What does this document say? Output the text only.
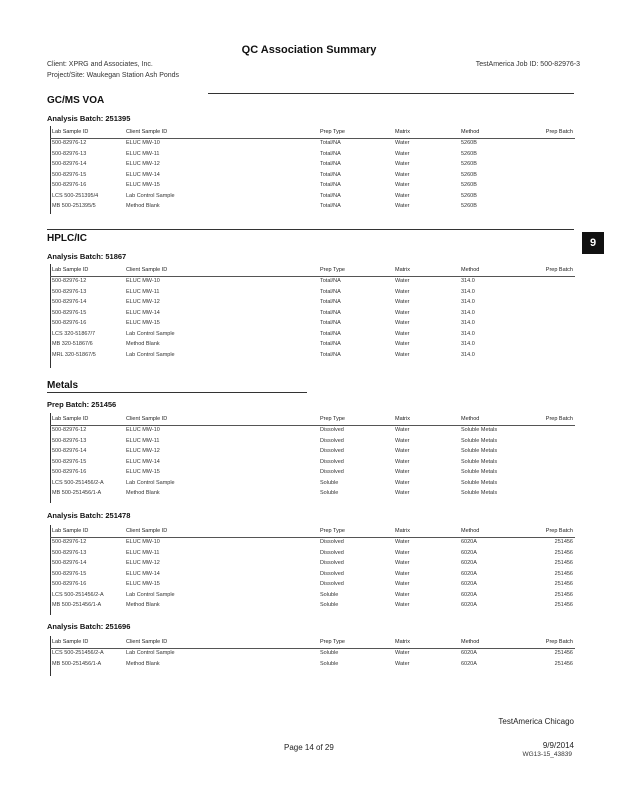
QC Association Summary
Client: XPRG and Associates, Inc.	TestAmerica Job ID: 500-82976-3
Project/Site: Waukegan Station Ash Ponds
GC/MS VOA
Analysis Batch: 251395
Lab Sample ID	Client Sample ID	Prep Type	Matrix	Method	Prep Batch
500-82976-12	ELUC MW-10	Total/NA	Water	5260B
500-82976-13	ELUC MW-11	Total/NA	Water	5260B
500-82976-14	ELUC MW-12	Total/NA	Water	5260B
500-82976-15	ELUC MW-14	Total/NA	Water	5260B
500-82976-16	ELUC MW-15	Total/NA	Water	5260B
LCS 500-251395/4	Lab Control Sample	Total/NA	Water	5260B
MB 500-251395/5	Method Blank	Total/NA	Water	5260B
9
HPLC/IC
Analysis Batch: 51867
Lab Sample ID	Client Sample ID	Prep Type	Matrix	Method	Prep Batch
500-82976-12	ELUC MW-10	Total/NA	Water	314.0
500-82976-13	ELUC MW-11	Total/NA	Water	314.0
500-82976-14	ELUC MW-12	Total/NA	Water	314.0
500-82976-15	ELUC MW-14	Total/NA	Water	314.0
500-82976-16	ELUC MW-15	Total/NA	Water	314.0
LCS 320-51867/7	Lab Control Sample	Total/NA	Water	314.0
MB 320-51867/6	Method Blank	Total/NA	Water	314.0
MRL 320-51867/5	Lab Control Sample	Total/NA	Water	314.0
Metals
Prep Batch: 251456
Lab Sample ID	Client Sample ID	Prep Type	Matrix	Method	Prep Batch
500-82976-12	ELUC MW-10	Dissolved	Water	Soluble Metals
500-82976-13	ELUC MW-11	Dissolved	Water	Soluble Metals
500-82976-14	ELUC MW-12	Dissolved	Water	Soluble Metals
500-82976-15	ELUC MW-14	Dissolved	Water	Soluble Metals
500-82976-16	ELUC MW-15	Dissolved	Water	Soluble Metals
LCS 500-251456/2-A	Lab Control Sample	Soluble	Water	Soluble Metals
MB 500-251456/1-A	Method Blank	Soluble	Water	Soluble Metals
Analysis Batch: 251478
Lab Sample ID	Client Sample ID	Prep Type	Matrix	Method	Prep Batch
500-82976-12	ELUC MW-10	Dissolved	Water	6020A	251456
500-82976-13	ELUC MW-11	Dissolved	Water	6020A	251456
500-82976-14	ELUC MW-12	Dissolved	Water	6020A	251456
500-82976-15	ELUC MW-14	Dissolved	Water	6020A	251456
500-82976-16	ELUC MW-15	Dissolved	Water	6020A	251456
LCS 500-251456/2-A	Lab Control Sample	Soluble	Water	6020A	251456
MB 500-251456/1-A	Method Blank	Soluble	Water	6020A	251456
Analysis Batch: 251696
Lab Sample ID	Client Sample ID	Prep Type	Matrix	Method	Prep Batch
LCS 500-251456/2-A	Lab Control Sample	Soluble	Water	6020A	251456
MB 500-251456/1-A	Method Blank	Soluble	Water	6020A	251456
TestAmerica Chicago
Page 14 of 29	9/9/2014
WG13-15_43839
